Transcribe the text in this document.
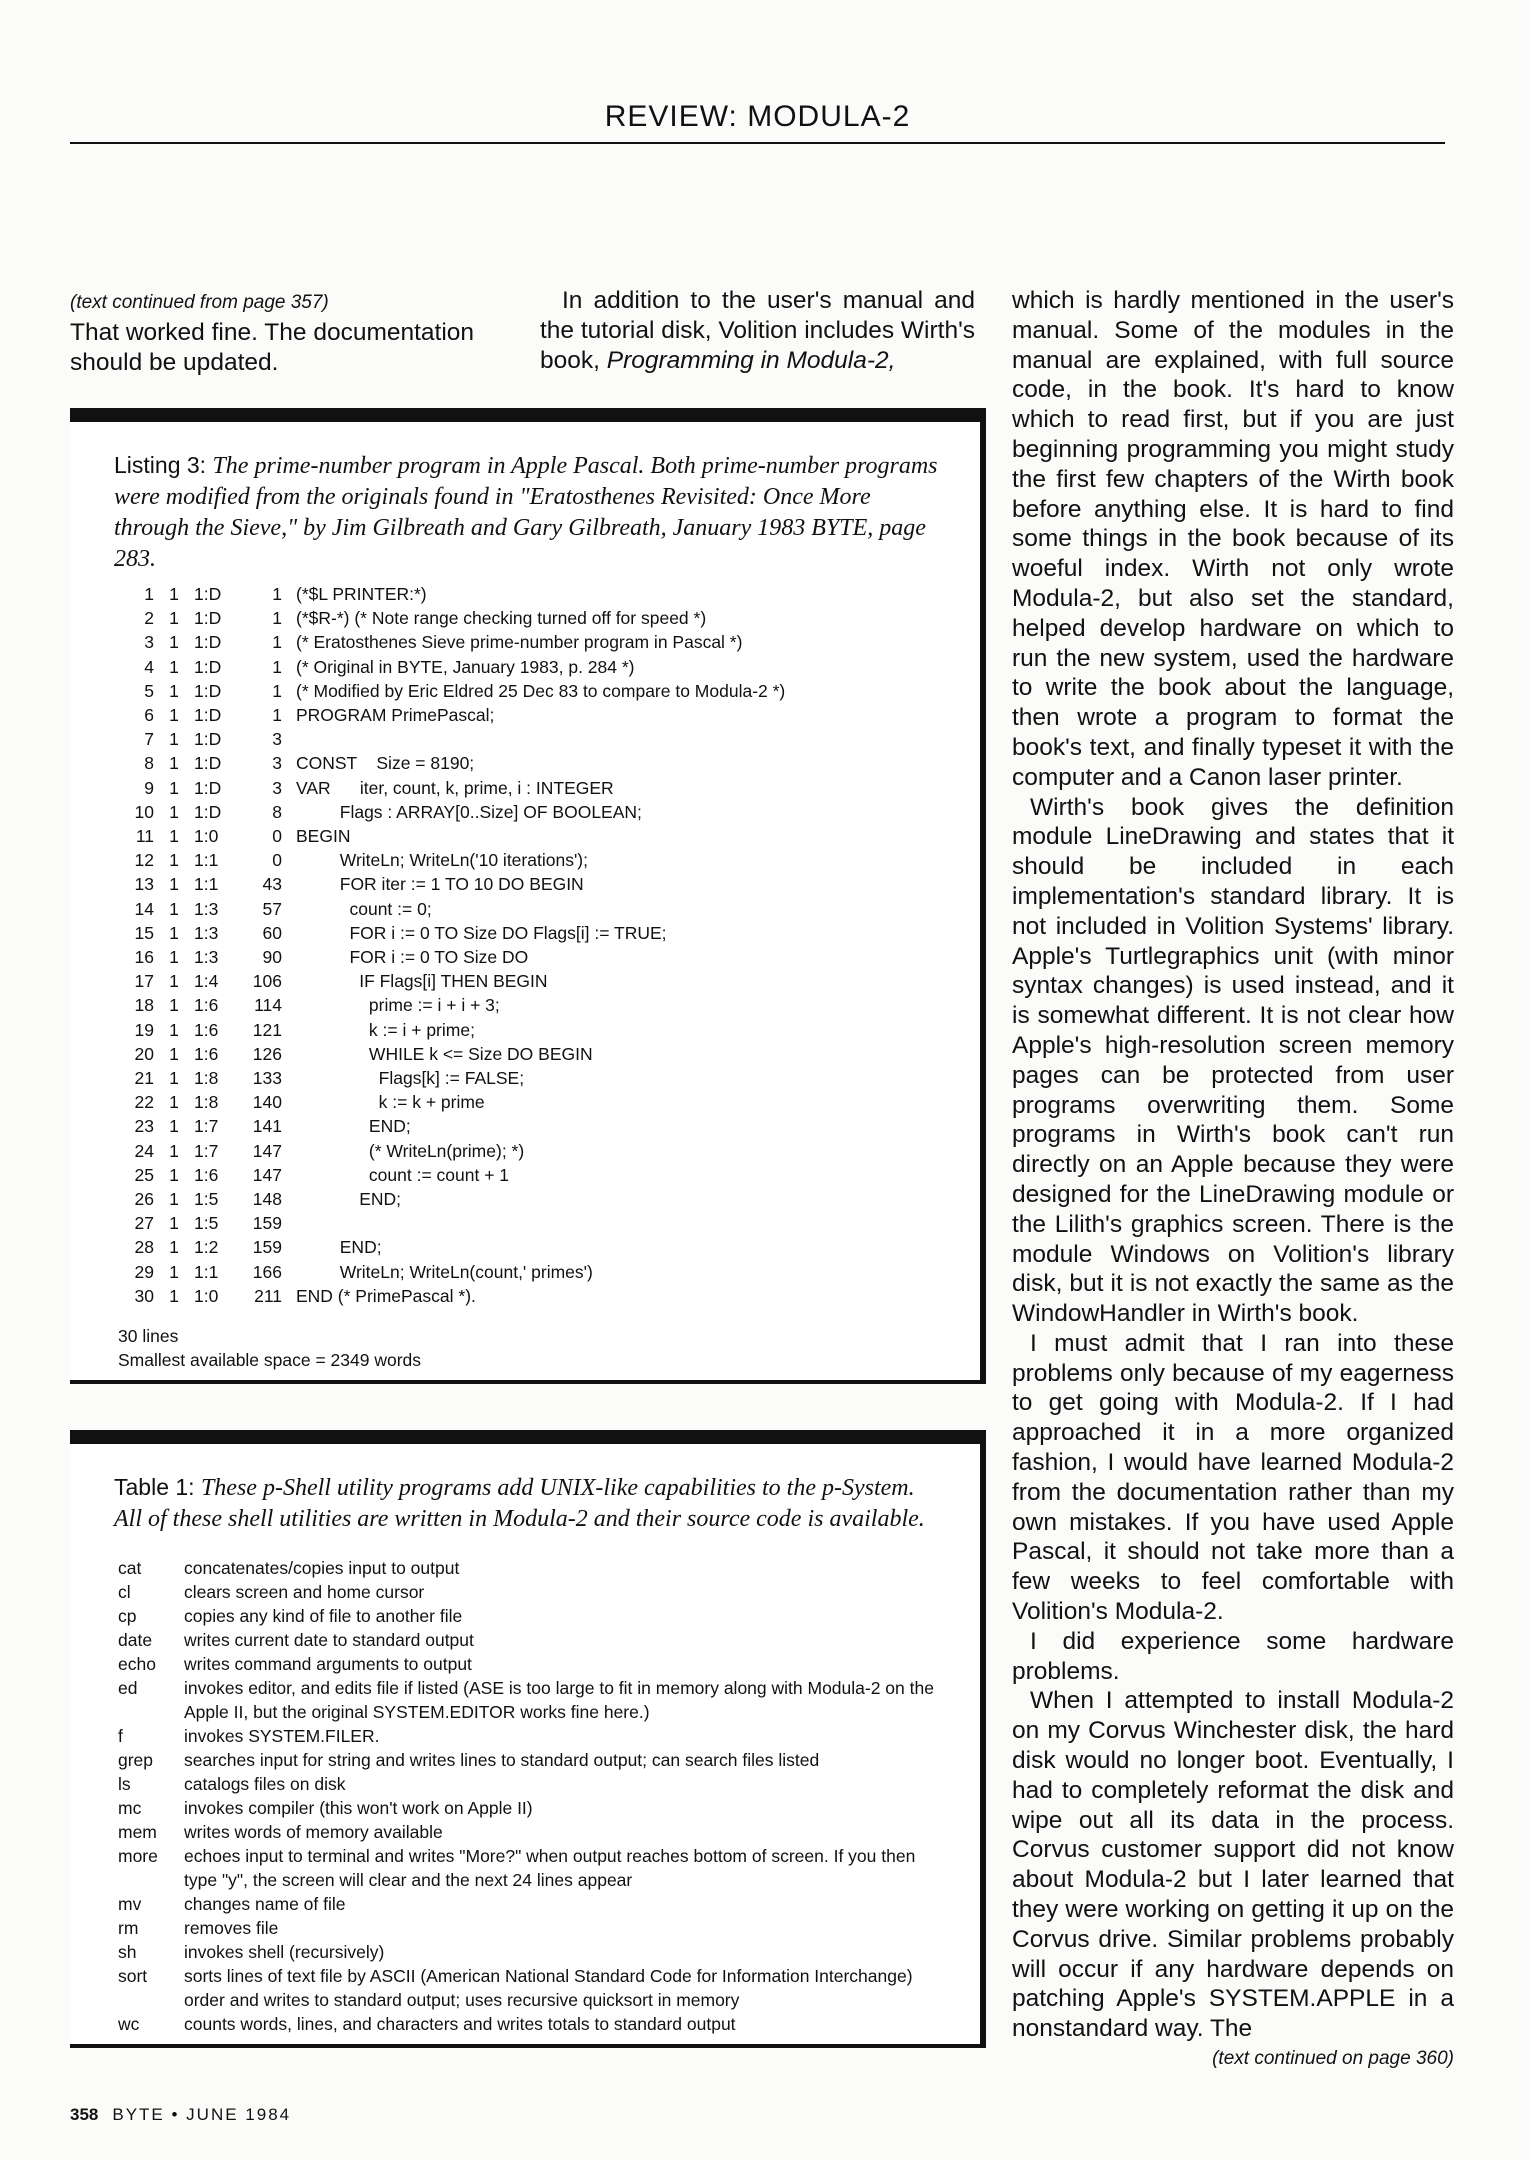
REVIEW: MODULA-2
(text continued from page 357)
That worked fine. The documentation should be updated.
In addition to the user's manual and the tutorial disk, Volition includes Wirth's book, Programming in Modula-2,
which is hardly mentioned in the user's manual. Some of the modules in the manual are explained, with full source code, in the book. It's hard to know which to read first, but if you are just beginning programming you might study the first few chapters of the Wirth book before anything else. It is hard to find some things in the book because of its woeful index. Wirth not only wrote Modula-2, but also set the standard, helped develop hardware on which to run the new system, used the hardware to write the book about the language, then wrote a program to format the book's text, and finally typeset it with the computer and a Canon laser printer.
Wirth's book gives the definition module LineDrawing and states that it should be included in each implementation's standard library. It is not included in Volition Systems' library. Apple's Turtlegraphics unit (with minor syntax changes) is used instead, and it is somewhat different. It is not clear how Apple's high-resolution screen memory pages can be protected from user programs overwriting them. Some programs in Wirth's book can't run directly on an Apple because they were designed for the LineDrawing module or the Lilith's graphics screen. There is the module Windows on Volition's library disk, but it is not exactly the same as the WindowHandler in Wirth's book.
I must admit that I ran into these problems only because of my eagerness to get going with Modula-2. If I had approached it in a more organized fashion, I would have learned Modula-2 from the documentation rather than my own mistakes. If you have used Apple Pascal, it should not take more than a few weeks to feel comfortable with Volition's Modula-2.
I did experience some hardware problems.
When I attempted to install Modula-2 on my Corvus Winchester disk, the hard disk would no longer boot. Eventually, I had to completely reformat the disk and wipe out all its data in the process. Corvus customer support did not know about Modula-2 but I later learned that they were working on getting it up on the Corvus drive. Similar problems probably will occur if any hardware depends on patching Apple's SYSTEM.APPLE in a nonstandard way. The
(text continued on page 360)
Listing 3: The prime-number program in Apple Pascal. Both prime-number programs were modified from the originals found in "Eratosthenes Revisited: Once More through the Sieve," by Jim Gilbreath and Gary Gilbreath, January 1983 BYTE, page 283.
1 1 1:D	1 (*$L PRINTER:*)
2 1 1:D	1 (*$R-*) (* Note range checking turned off for speed *)
3 1 1:D	1 (* Eratosthenes Sieve prime-number program in Pascal *)
4 1 1:D	1 (* Original in BYTE, January 1983, p. 284 *)
5 1 1:D	1 (* Modified by Eric Eldred 25 Dec 83 to compare to Modula-2 *)
6 1 1:D	1 PROGRAM PrimePascal;
7 1 1:D	3
8 1 1:D	3 CONST    Size = 8190;
9 1 1:D	3 VAR      iter, count, k, prime, i : INTEGER
10 1 1:D	8 Flags : ARRAY[0..Size] OF BOOLEAN;
11 1 1:0	0 BEGIN
12 1 1:1	0 WriteLn; WriteLn('10 iterations');
13 1 1:1	43 FOR iter := 1 TO 10 DO BEGIN
14 1 1:3	57 count := 0;
15 1 1:3	60 FOR i := 0 TO Size DO Flags[i] := TRUE;
16 1 1:3	90 FOR i := 0 TO Size DO
17 1 1:4	106 IF Flags[i] THEN BEGIN
18 1 1:6	114 prime := i + i + 3;
19 1 1:6	121 k := i + prime;
20 1 1:6	126 WHILE k <= Size DO BEGIN
21 1 1:8	133 Flags[k] := FALSE;
22 1 1:8	140 k := k + prime
23 1 1:7	141 END;
24 1 1:7	147 (* WriteLn(prime); *)
25 1 1:6	147 count := count + 1
26 1 1:5	148 END;
27 1 1:5	159
28 1 1:2	159 END;
29 1 1:1	166 WriteLn; WriteLn(count,' primes')
30 1 1:0	211 END (* PrimePascal *).
30 lines
Smallest available space = 2349 words
Table 1: These p-Shell utility programs add UNIX-like capabilities to the p-System. All of these shell utilities are written in Modula-2 and their source code is available.
cat	concatenates/copies input to output
cl	clears screen and home cursor
cp	copies any kind of file to another file
date	writes current date to standard output
echo	writes command arguments to output
ed	invokes editor, and edits file if listed (ASE is too large to fit in memory along with Modula-2 on the Apple II, but the original SYSTEM.EDITOR works fine here.)
f	invokes SYSTEM.FILER.
grep	searches input for string and writes lines to standard output; can search files listed
ls	catalogs files on disk
mc	invokes compiler (this won't work on Apple II)
mem	writes words of memory available
more	echoes input to terminal and writes "More?" when output reaches bottom of screen. If you then type "y", the screen will clear and the next 24 lines appear
mv	changes name of file
rm	removes file
sh	invokes shell (recursively)
sort	sorts lines of text file by ASCII (American National Standard Code for Information Interchange) order and writes to standard output; uses recursive quicksort in memory
wc	counts words, lines, and characters and writes totals to standard output
358 BYTE • JUNE 1984
